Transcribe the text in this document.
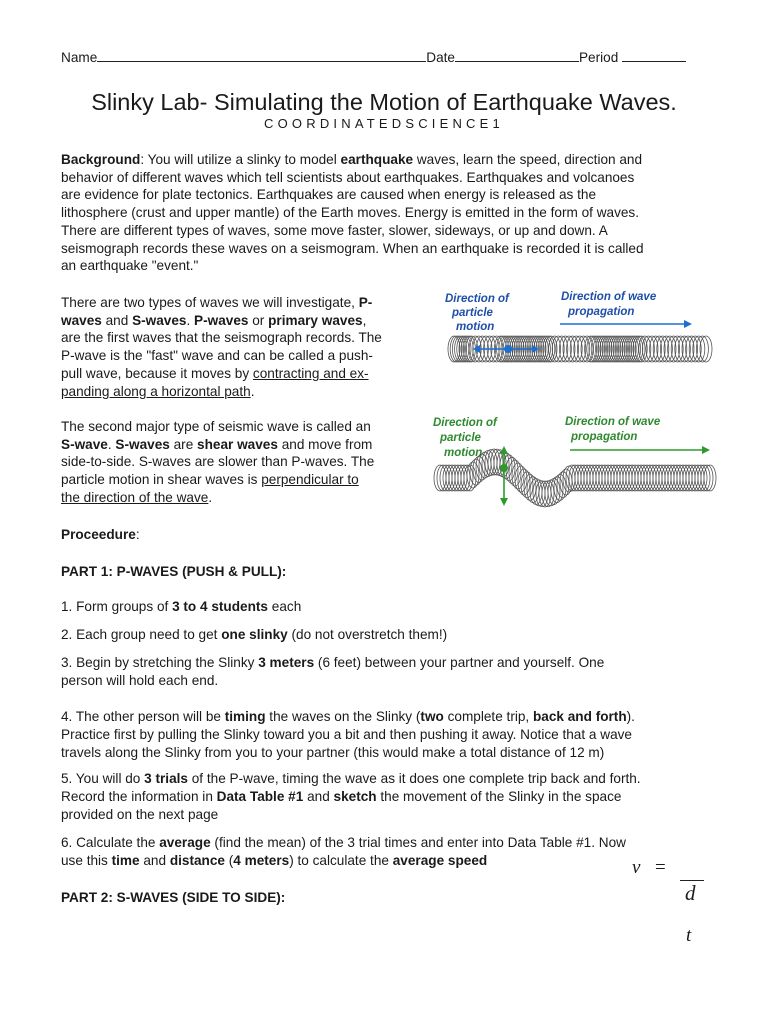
Name	Date	Period
Slinky Lab- Simulating the Motion of Earthquake Waves.
COORDINATEDSCIENCE1
Background: You will utilize a slinky to model earthquake waves, learn the speed, direction and
behavior of different waves which tell scientists about earthquakes. Earthquakes and volcanoes
are evidence for plate tectonics. Earthquakes are caused when energy is released as the
lithosphere (crust and upper mantle) of the Earth moves. Energy is emitted in the form of waves.
There are different types of waves, some move faster, slower, sideways, or up and down. A
seismograph records these waves on a seismogram. When an earthquake is recorded it is called
an earthquake "event."
There are two types of waves we will investigate, P-
waves and S-waves. P-waves or primary waves,
are the first waves that the seismograph records. The
P-wave is the "fast" wave and can be called a push-
pull wave, because it moves by contracting and ex-
panding along a horizontal path.
The second major type of seismic wave is called an
S-wave. S-waves are shear waves and move from
side-to-side. S-waves are slower than P-waves. The
particle motion in shear waves is perpendicular to
the direction of the wave.
Direction of
particle
motion
Direction of wave
propagation
Direction of
particle
motion
Direction of wave
propagation
Proceedure:
PART 1: P-WAVES (PUSH & PULL):
1. Form groups of 3 to 4 students each
2. Each group need to get one slinky (do not overstretch them!)
3. Begin by stretching the Slinky 3 meters (6 feet) between your partner and yourself. One
person will hold each end.
4. The other person will be timing the waves on the Slinky (two complete trip, back and forth).
Practice first by pulling the Slinky toward you a bit and then pushing it away. Notice that a wave
travels along the Slinky from you to your partner (this would make a total distance of 12 m)
5. You will do 3 trials of the P-wave, timing the wave as it does one complete trip back and forth.
Record the information in Data Table #1 and sketch the movement of the Slinky in the space
provided on the next page
6. Calculate the average (find the mean) of the 3 trial times and enter into Data Table #1. Now
use this time and distance (4 meters) to calculate the average speed
PART 2: S-WAVES (SIDE TO SIDE):
v =
d
t
